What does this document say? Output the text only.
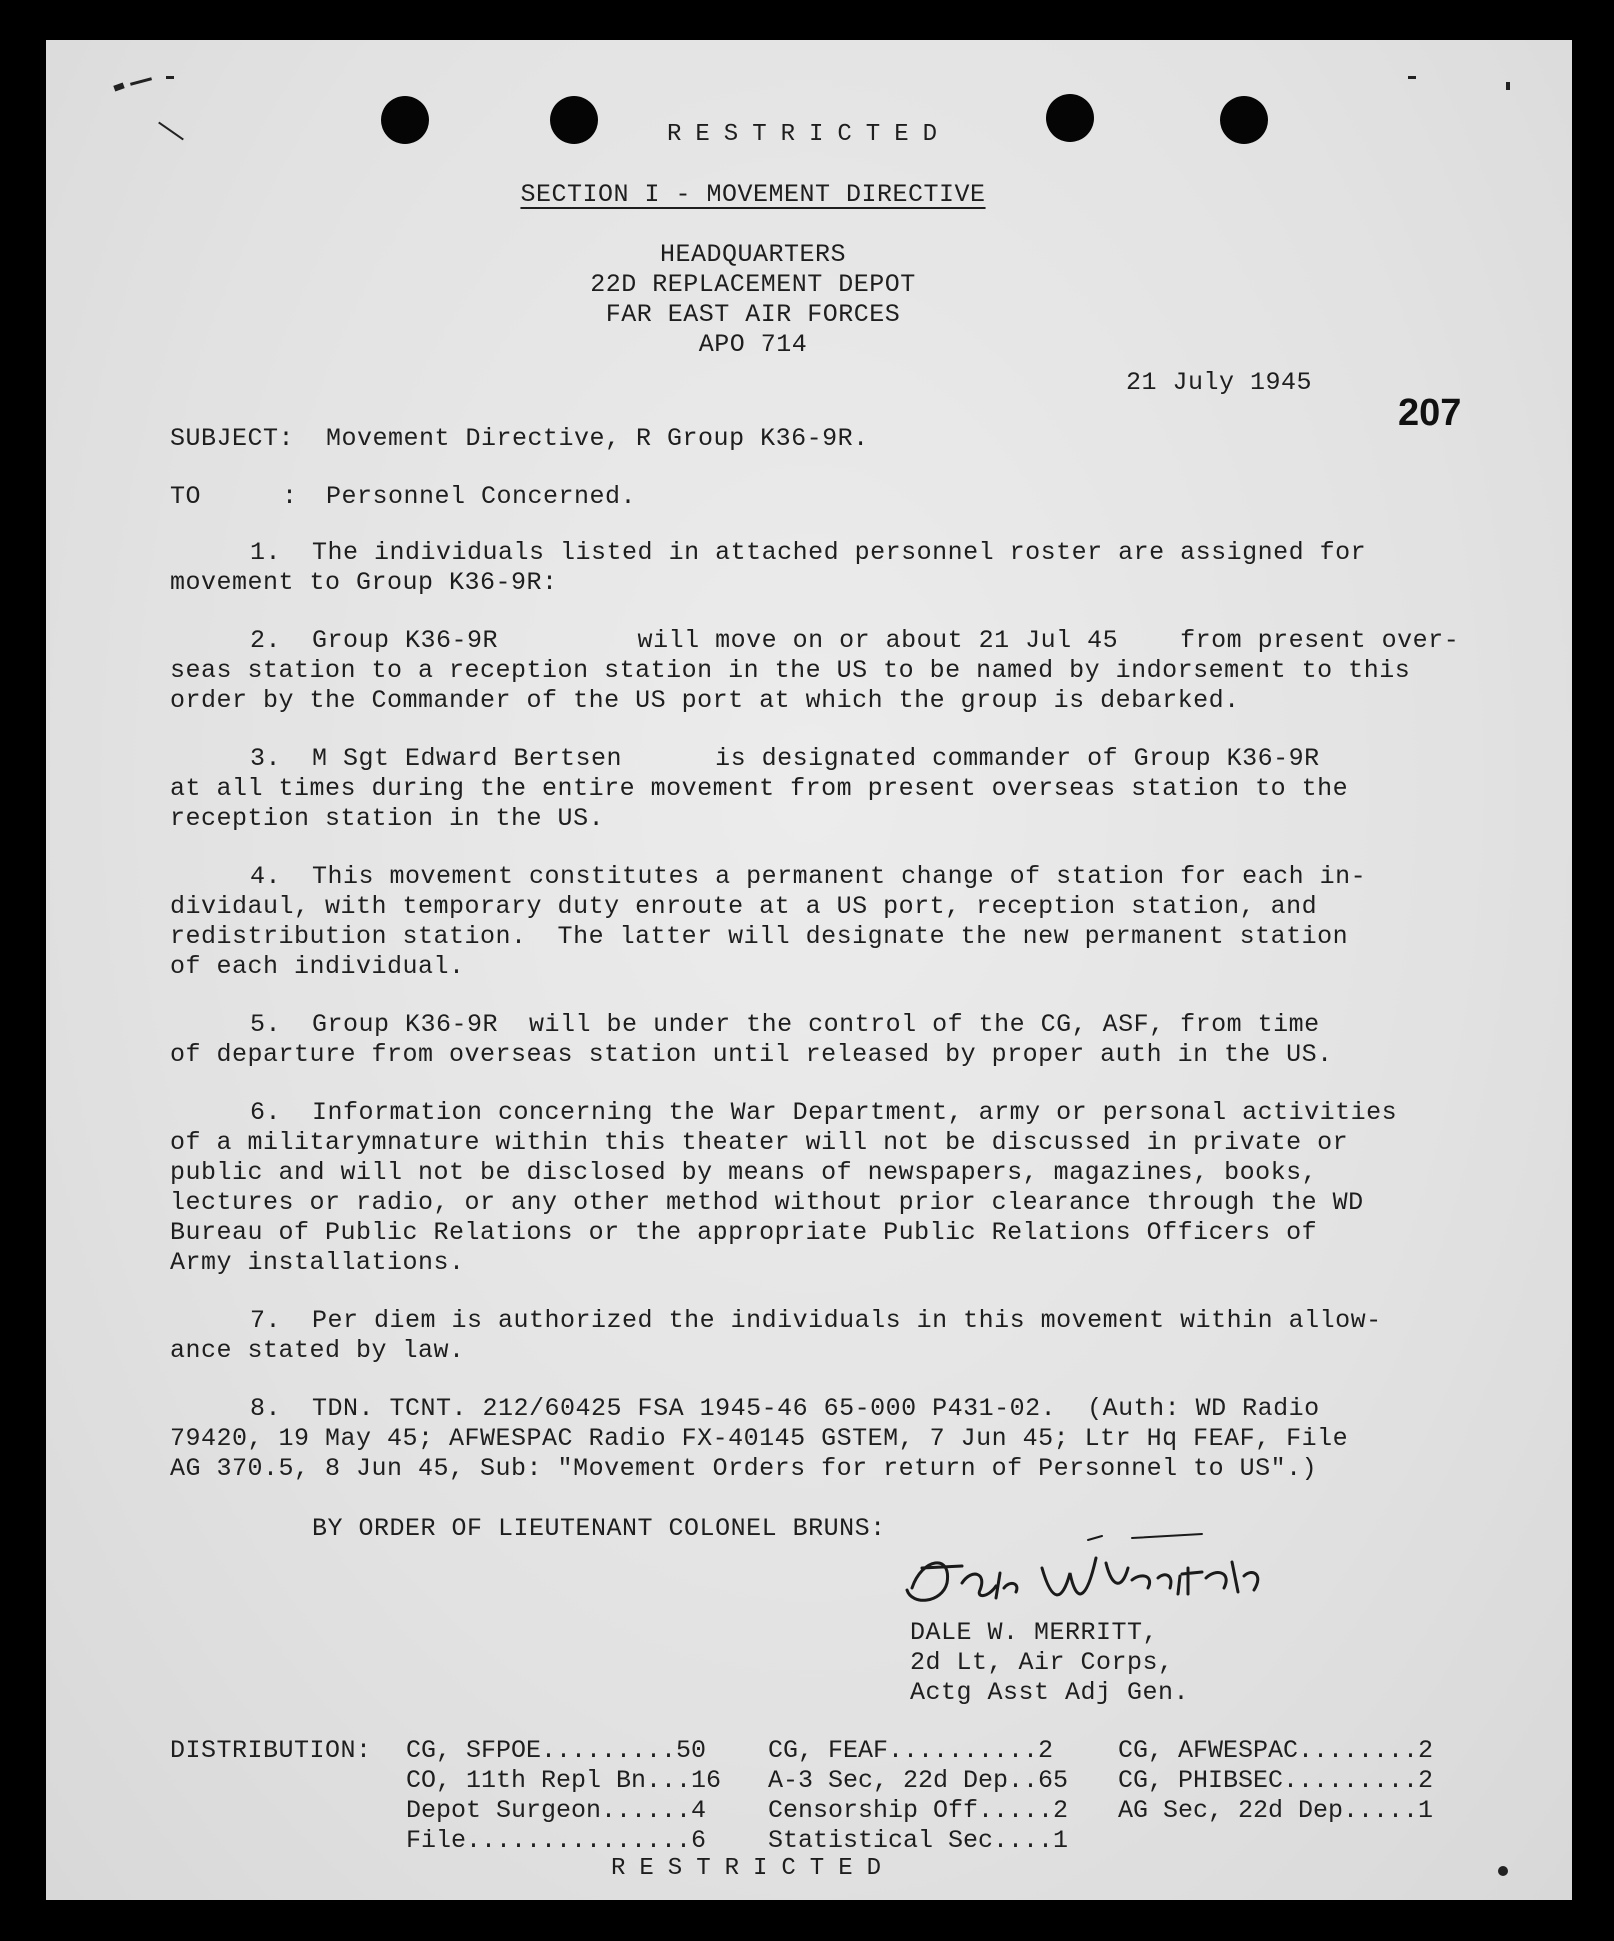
RESTRICTED
SECTION I - MOVEMENT DIRECTIVE
HEADQUARTERS
22D REPLACEMENT DEPOT
FAR EAST AIR FORCES
APO 714
21 July 1945
207
SUBJECT: Movement Directive, R Group K36-9R.
TO	: Personnel Concerned.
1.  The individuals listed in attached personnel roster are assigned for
movement to Group K36-9R:
2.  Group K36-9R         will move on or about 21 Jul 45    from present over-
seas station to a reception station in the US to be named by indorsement to this
order by the Commander of the US port at which the group is debarked.
3.  M Sgt Edward Bertsen      is designated commander of Group K36-9R
at all times during the entire movement from present overseas station to the
reception station in the US.
4.  This movement constitutes a permanent change of station for each in-
dividaul, with temporary duty enroute at a US port, reception station, and
redistribution station.  The latter will designate the new permanent station
of each individual.
5.  Group K36-9R  will be under the control of the CG, ASF, from time
of departure from overseas station until released by proper auth in the US.
6.  Information concerning the War Department, army or personal activities
of a militarymnature within this theater will not be discussed in private or
public and will not be disclosed by means of newspapers, magazines, books,
lectures or radio, or any other method without prior clearance through the WD
Bureau of Public Relations or the appropriate Public Relations Officers of
Army installations.
7.  Per diem is authorized the individuals in this movement within allow-
ance stated by law.
8.  TDN. TCNT. 212/60425 FSA 1945-46 65-000 P431-02.  (Auth: WD Radio
79420, 19 May 45; AFWESPAC Radio FX-40145 GSTEM, 7 Jun 45; Ltr Hq FEAF, File
AG 370.5, 8 Jun 45, Sub: "Movement Orders for return of Personnel to US".)
BY ORDER OF LIEUTENANT COLONEL BRUNS:
DALE W. MERRITT,
2d Lt, Air Corps,
Actg Asst Adj Gen.
DISTRIBUTION: CG, SFPOE.........50	CG, FEAF..........2	CG, AFWESPAC........2
CO, 11th Repl Bn...16	A-3 Sec, 22d Dep..65	CG, PHIBSEC.........2
Depot Surgeon......4	Censorship Off.....2	AG Sec, 22d Dep.....1
File...............6	Statistical Sec....1	
RESTRICTED
